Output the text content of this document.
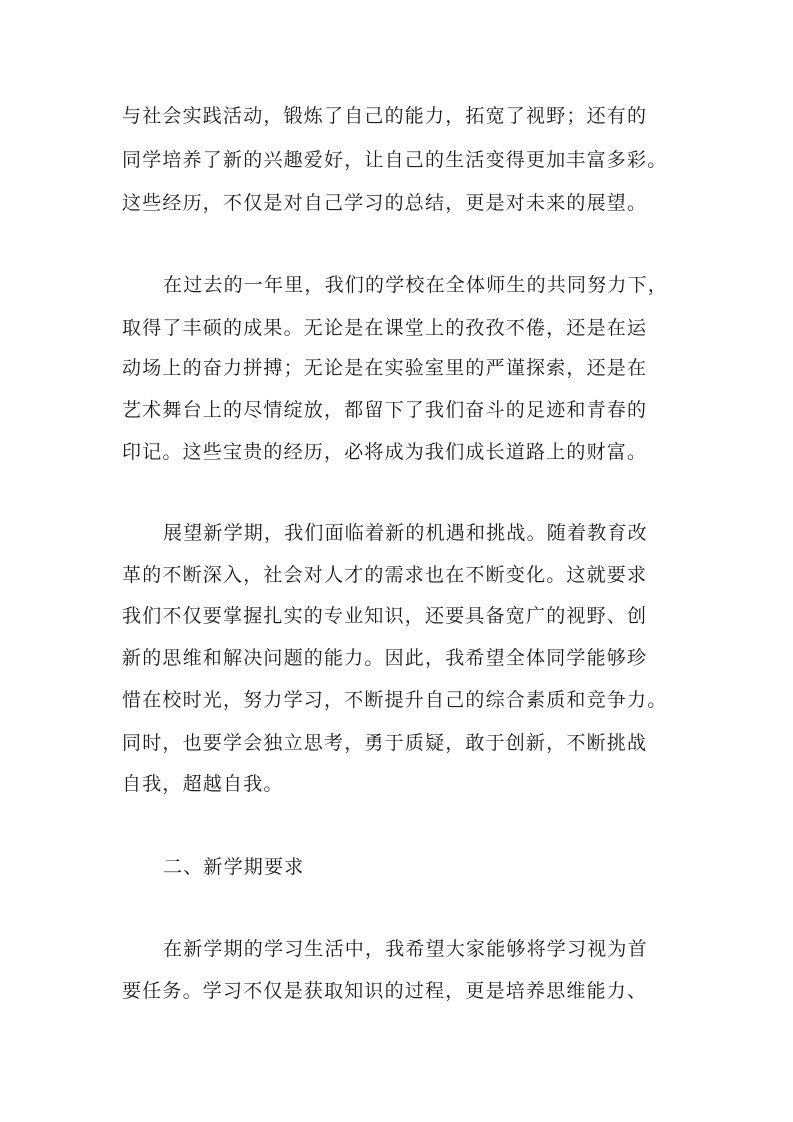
与社会实践活动，锻炼了自己的能力，拓宽了视野；还有的
同学培养了新的兴趣爱好，让自己的生活变得更加丰富多彩。
这些经历，不仅是对自己学习的总结，更是对未来的展望。
在过去的一年里，我们的学校在全体师生的共同努力下，
取得了丰硕的成果。无论是在课堂上的孜孜不倦，还是在运
动场上的奋力拼搏；无论是在实验室里的严谨探索，还是在
艺术舞台上的尽情绽放，都留下了我们奋斗的足迹和青春的
印记。这些宝贵的经历，必将成为我们成长道路上的财富。
展望新学期，我们面临着新的机遇和挑战。随着教育改
革的不断深入，社会对人才的需求也在不断变化。这就要求
我们不仅要掌握扎实的专业知识，还要具备宽广的视野、创
新的思维和解决问题的能力。因此，我希望全体同学能够珍
惜在校时光，努力学习，不断提升自己的综合素质和竞争力。
同时，也要学会独立思考，勇于质疑，敢于创新，不断挑战
自我，超越自我。
二、新学期要求
在新学期的学习生活中，我希望大家能够将学习视为首
要任务。学习不仅是获取知识的过程，更是培养思维能力、
